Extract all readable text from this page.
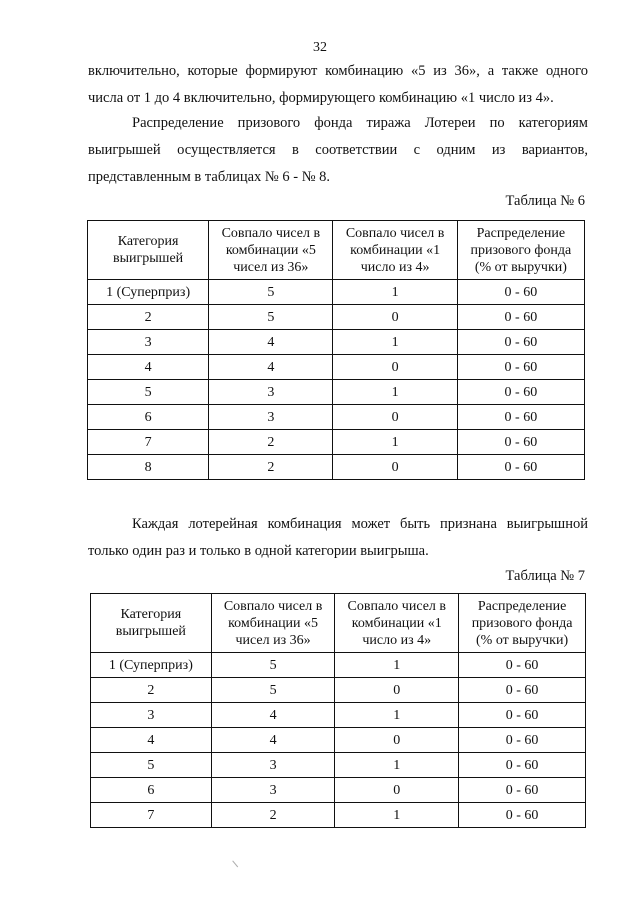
32
включительно, которые формируют комбинацию «5 из 36», а также одного
числа от 1 до 4 включительно, формирующего комбинацию «1 число из 4».
Распределение призового фонда тиража Лотереи по категориям
выигрышей осуществляется в соответствии с одним из вариантов,
представленным в таблицах № 6 - № 8.
Таблица № 6
Категория выигрышей	Совпало чисел в комбинации «5 чисел из 36»	Совпало чисел в комбинации «1 число из 4»	Распределение призового фонда (% от выручки)
1 (Суперприз)	5	1	0 - 60
2	5	0	0 - 60
3	4	1	0 - 60
4	4	0	0 - 60
5	3	1	0 - 60
6	3	0	0 - 60
7	2	1	0 - 60
8	2	0	0 - 60
Каждая лотерейная комбинация может быть признана выигрышной
только один раз и только в одной категории выигрыша.
Таблица № 7
Категория выигрышей	Совпало чисел в комбинации «5 чисел из 36»	Совпало чисел в комбинации «1 число из 4»	Распределение призового фонда (% от выручки)
1 (Суперприз)	5	1	0 - 60
2	5	0	0 - 60
3	4	1	0 - 60
4	4	0	0 - 60
5	3	1	0 - 60
6	3	0	0 - 60
7	2	1	0 - 60
